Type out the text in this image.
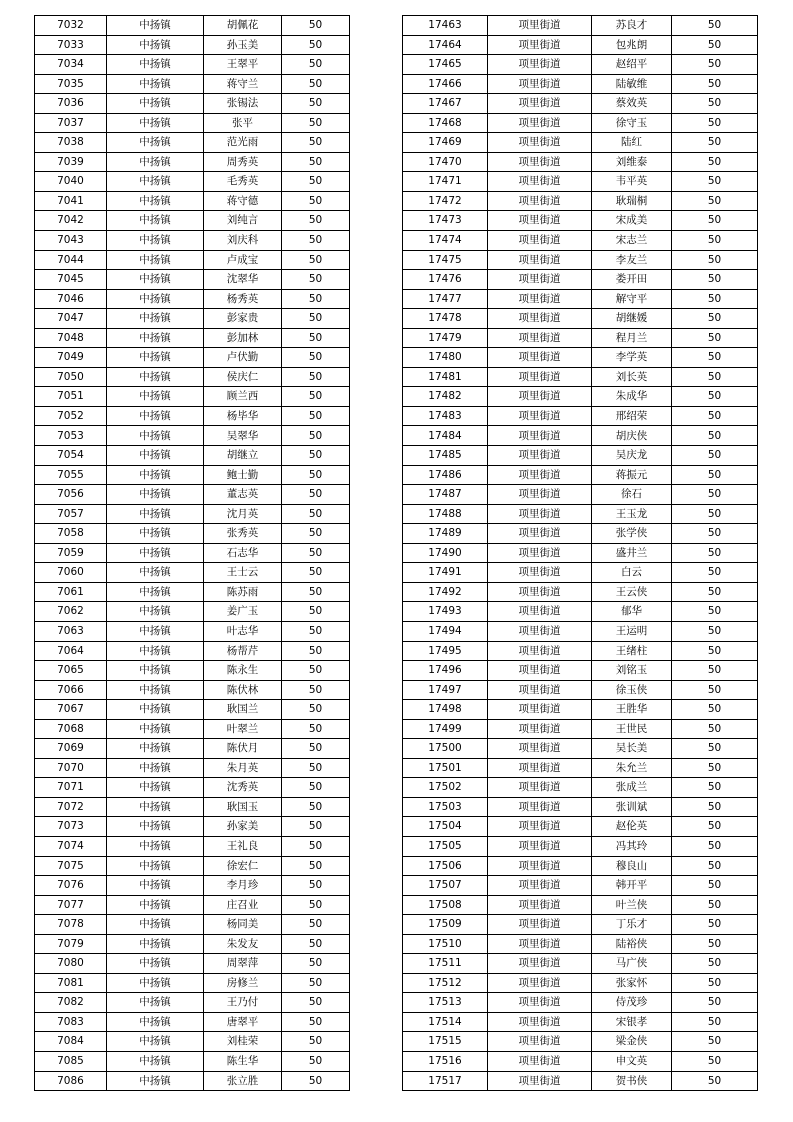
7032	中扬镇	胡佩花	50
7033	中扬镇	孙玉美	50
7034	中扬镇	王翠平	50
7035	中扬镇	蒋守兰	50
7036	中扬镇	张锡法	50
7037	中扬镇	张平	50
7038	中扬镇	范光雨	50
7039	中扬镇	周秀英	50
7040	中扬镇	毛秀英	50
7041	中扬镇	蒋守德	50
7042	中扬镇	刘纯言	50
7043	中扬镇	刘庆科	50
7044	中扬镇	卢成宝	50
7045	中扬镇	沈翠华	50
7046	中扬镇	杨秀英	50
7047	中扬镇	彭家贵	50
7048	中扬镇	彭加林	50
7049	中扬镇	卢伏勤	50
7050	中扬镇	侯庆仁	50
7051	中扬镇	顾兰西	50
7052	中扬镇	杨毕华	50
7053	中扬镇	吴翠华	50
7054	中扬镇	胡继立	50
7055	中扬镇	鲍士勤	50
7056	中扬镇	董志英	50
7057	中扬镇	沈月英	50
7058	中扬镇	张秀英	50
7059	中扬镇	石志华	50
7060	中扬镇	王士云	50
7061	中扬镇	陈苏雨	50
7062	中扬镇	姜广玉	50
7063	中扬镇	叶志华	50
7064	中扬镇	杨帮芹	50
7065	中扬镇	陈永生	50
7066	中扬镇	陈伏林	50
7067	中扬镇	耿国兰	50
7068	中扬镇	叶翠兰	50
7069	中扬镇	陈伏月	50
7070	中扬镇	朱月英	50
7071	中扬镇	沈秀英	50
7072	中扬镇	耿国玉	50
7073	中扬镇	孙家美	50
7074	中扬镇	王礼良	50
7075	中扬镇	徐宏仁	50
7076	中扬镇	李月珍	50
7077	中扬镇	庄召业	50
7078	中扬镇	杨同美	50
7079	中扬镇	朱发友	50
7080	中扬镇	周翠萍	50
7081	中扬镇	房修兰	50
7082	中扬镇	王乃付	50
7083	中扬镇	唐翠平	50
7084	中扬镇	刘桂荣	50
7085	中扬镇	陈生华	50
7086	中扬镇	张立胜	50
17463	项里街道	苏良才	50
17464	项里街道	包兆朗	50
17465	项里街道	赵绍平	50
17466	项里街道	陆敏维	50
17467	项里街道	蔡效英	50
17468	项里街道	徐守玉	50
17469	项里街道	陆红	50
17470	项里街道	刘维泰	50
17471	项里街道	韦平英	50
17472	项里街道	耿瑞桐	50
17473	项里街道	宋成美	50
17474	项里街道	宋志兰	50
17475	项里街道	李友兰	50
17476	项里街道	娄开田	50
17477	项里街道	解守平	50
17478	项里街道	胡继媛	50
17479	项里街道	程月兰	50
17480	项里街道	李学英	50
17481	项里街道	刘长英	50
17482	项里街道	朱成华	50
17483	项里街道	邢绍荣	50
17484	项里街道	胡庆侠	50
17485	项里街道	吴庆龙	50
17486	项里街道	蒋振元	50
17487	项里街道	徐石	50
17488	项里街道	王玉龙	50
17489	项里街道	张学侠	50
17490	项里街道	盛井兰	50
17491	项里街道	白云	50
17492	项里街道	王云侠	50
17493	项里街道	郁华	50
17494	项里街道	王运明	50
17495	项里街道	王绪柱	50
17496	项里街道	刘铭玉	50
17497	项里街道	徐玉侠	50
17498	项里街道	王胜华	50
17499	项里街道	王世民	50
17500	项里街道	吴长美	50
17501	项里街道	朱允兰	50
17502	项里街道	张成兰	50
17503	项里街道	张训斌	50
17504	项里街道	赵伦英	50
17505	项里街道	冯其玲	50
17506	项里街道	穆良山	50
17507	项里街道	韩开平	50
17508	项里街道	叶兰侠	50
17509	项里街道	丁乐才	50
17510	项里街道	陆裕侠	50
17511	项里街道	马广侠	50
17512	项里街道	张家怀	50
17513	项里街道	侍茂珍	50
17514	项里街道	宋银孝	50
17515	项里街道	梁金侠	50
17516	项里街道	申文英	50
17517	项里街道	贺书侠	50
